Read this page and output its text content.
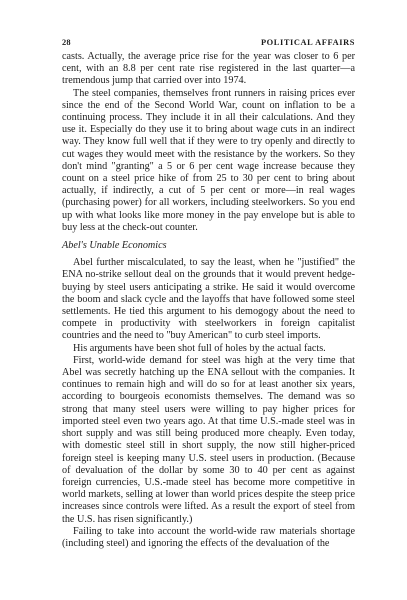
28	POLITICAL AFFAIRS

casts. Actually, the average price rise for the year was closer to 6 per cent, with an 8.8 per cent rate rise registered in the last quarter—a tremendous jump that carried over into 1974.

The steel companies, themselves front runners in raising prices ever since the end of the Second World War, count on inflation to be a continuing process. They include it in all their calculations. And they use it. Especially do they use it to bring about wage cuts in an indirect way. They know full well that if they were to try openly and directly to cut wages they would meet with the resistance by the workers. So they don't mind "granting" a 5 or 6 per cent wage increase because they count on a steel price hike of from 25 to 30 per cent to bring about actually, if indirectly, a cut of 5 per cent or more—in real wages (purchasing power) for all workers, including steelworkers. So you end up with what looks like more money in the pay envelope but is able to buy less at the check-out counter.

Abel's Unable Economics

Abel further miscalculated, to say the least, when he "justified" the ENA no-strike sellout deal on the grounds that it would prevent hedge-buying by steel users anticipating a strike. He said it would overcome the boom and slack cycle and the layoffs that have followed some steel settlements. He tied this argument to his demogogy about the need to compete in productivity with steelworkers in foreign capitalist countries and the need to "buy American" to curb steel imports.

His arguments have been shot full of holes by the actual facts.

First, world-wide demand for steel was high at the very time that Abel was secretly hatching up the ENA sellout with the companies. It continues to remain high and will do so for at least another six years, according to bourgeois economists themselves. The demand was so strong that many steel users were willing to pay higher prices for imported steel even two years ago. At that time U.S.-made steel was in short supply and was still being produced more cheaply. Even today, with domestic steel still in short supply, the now still higher-priced foreign steel is keeping many U.S. steel users in production. (Because of devaluation of the dollar by some 30 to 40 per cent as against foreign currencies, U.S.-made steel has become more competitive in world markets, selling at lower than world prices despite the steep price increases since controls were lifted. As a result the export of steel from the U.S. has risen significantly.)

Failing to take into account the world-wide raw materials shortage (including steel) and ignoring the effects of the devaluation of the
